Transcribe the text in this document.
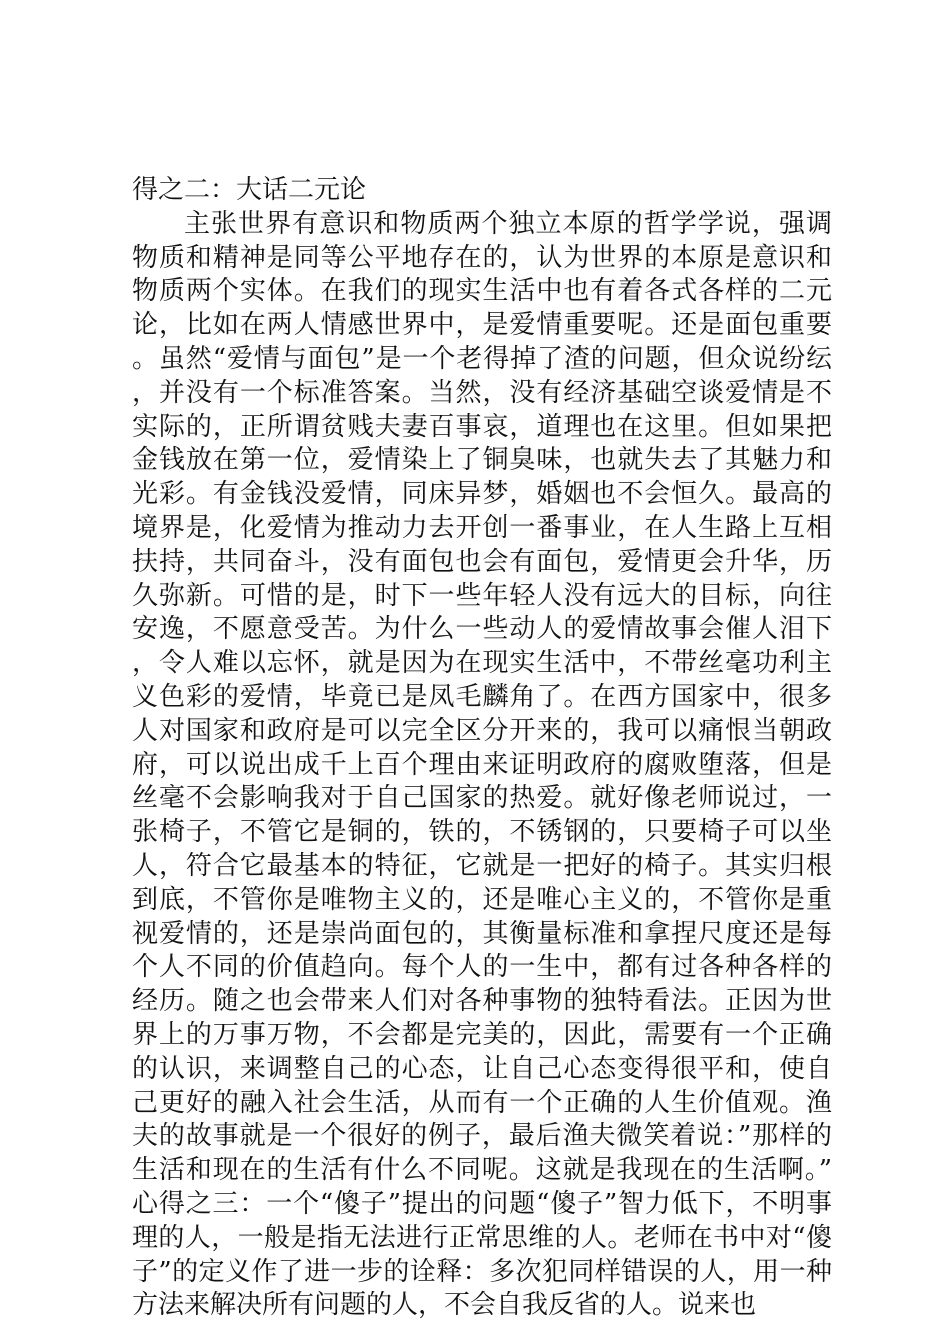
得之二：大话二元论

主张世界有意识和物质两个独立本原的哲学学说，强调物质和精神是同等公平地存在的，认为世界的本原是意识和物质两个实体。在我们的现实生活中也有着各式各样的二元论，比如在两人情感世界中，是爱情重要呢。还是面包重要。虽然“爱情与面包”是一个老得掉了渣的问题，但众说纷纭，并没有一个标准答案。当然，没有经济基础空谈爱情是不实际的，正所谓贫贱夫妻百事哀，道理也在这里。但如果把金钱放在第一位，爱情染上了铜臭味，也就失去了其魅力和光彩。有金钱没爱情，同床异梦，婚姻也不会恒久。最高的境界是，化爱情为推动力去开创一番事业，在人生路上互相扶持，共同奋斗，没有面包也会有面包，爱情更会升华，历久弥新。可惜的是，时下一些年轻人没有远大的目标，向往安逸，不愿意受苦。为什么一些动人的爱情故事会催人泪下，令人难以忘怀，就是因为在现实生活中，不带丝毫功利主义色彩的爱情，毕竟已是凤毛麟角了。在西方国家中，很多人对国家和政府是可以完全区分开来的，我可以痛恨当朝政府，可以说出成千上百个理由来证明政府的腐败堕落，但是丝毫不会影响我对于自己国家的热爱。就好像老师说过，一张椅子，不管它是铜的，铁的，不锈钢的，只要椅子可以坐人，符合它最基本的特征，它就是一把好的椅子。其实归根到底，不管你是唯物主义的，还是唯心主义的，不管你是重视爱情的，还是崇尚面包的，其衡量标准和拿捏尺度还是每个人不同的价值趋向。每个人的一生中，都有过各种各样的经历。随之也会带来人们对各种事物的独特看法。正因为世界上的万事万物，不会都是完美的，因此，需要有一个正确的认识，来调整自己的心态，让自己心态变得很平和，使自己更好的融入社会生活，从而有一个正确的人生价值观。渔夫的故事就是一个很好的例子，最后渔夫微笑着说：”那样的生活和现在的生活有什么不同呢。这就是我现在的生活啊。”心得之三：一个“傻子”提出的问题“傻子”智力低下，不明事理的人，一般是指无法进行正常思维的人。老师在书中对“傻子”的定义作了进一步的诠释：多次犯同样错误的人，用一种方法来解决所有问题的人，不会自我反省的人。说来也
